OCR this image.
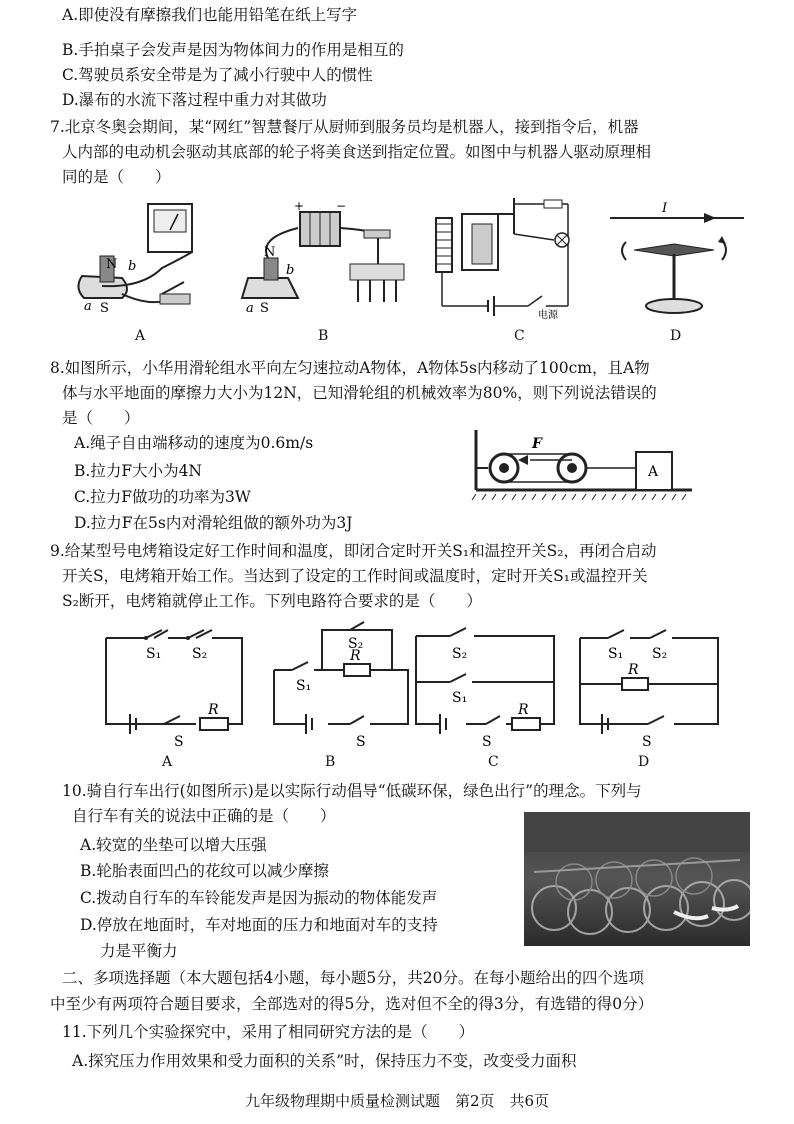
A.即使没有摩擦我们也能用铅笔在纸上写字
B.手拍桌子会发声是因为物体间力的作用是相互的
C.驾驶员系安全带是为了减小行驶中人的惯性
D.瀑布的水流下落过程中重力对其做功
7.北京冬奥会期间，某“网红”智慧餐厅从厨师到服务员均是机器人，接到指令后，机器
人内部的电动机会驱动其底部的轮子将美食送到指定位置。如图中与机器人驱动原理相
同的是（　　）
N
a S
b
A
+	−
N
a S
b
B
电源
C
I
D
8.如图所示，小华用滑轮组水平向左匀速拉动A物体，A物体5s内移动了100cm，且A物
体与水平地面的摩擦力大小为12N，已知滑轮组的机械效率为80%，则下列说法错误的
是（　　）
A.绳子自由端移动的速度为0.6m/s
B.拉力F大小为4N
C.拉力F做功的功率为3W
D.拉力F在5s内对滑轮组做的额外功为3J
F
A
9.给某型号电烤箱设定好工作时间和温度，即闭合定时开关S₁和温控开关S₂，再闭合启动
开关S，电烤箱开始工作。当达到了设定的工作时间或温度时，定时开关S₁或温控开关
S₂断开，电烤箱就停止工作。下列电路符合要求的是（　　）
S₁ S₂
S
R
A
S₂
R
S₁
S
B
S₂
S₁
R
S
C
S₁ S₂
R
S
D
10.骑自行车出行(如图所示)是以实际行动倡导“低碳环保，绿色出行”的理念。下列与
自行车有关的说法中正确的是（　　）
A.较宽的坐垫可以增大压强
B.轮胎表面凹凸的花纹可以减少摩擦
C.拨动自行车的车铃能发声是因为振动的物体能发声
D.停放在地面时，车对地面的压力和地面对车的支持
力是平衡力
二、多项选择题（本大题包括4小题，每小题5分，共20分。在每小题给出的四个选项
中至少有两项符合题目要求，全部选对的得5分，选对但不全的得3分，有选错的得0分）
11.下列几个实验探究中，采用了相同研究方法的是（　　）
A.探究压力作用效果和受力面积的关系”时，保持压力不变，改变受力面积
九年级物理期中质量检测试题　第2页　共6页
